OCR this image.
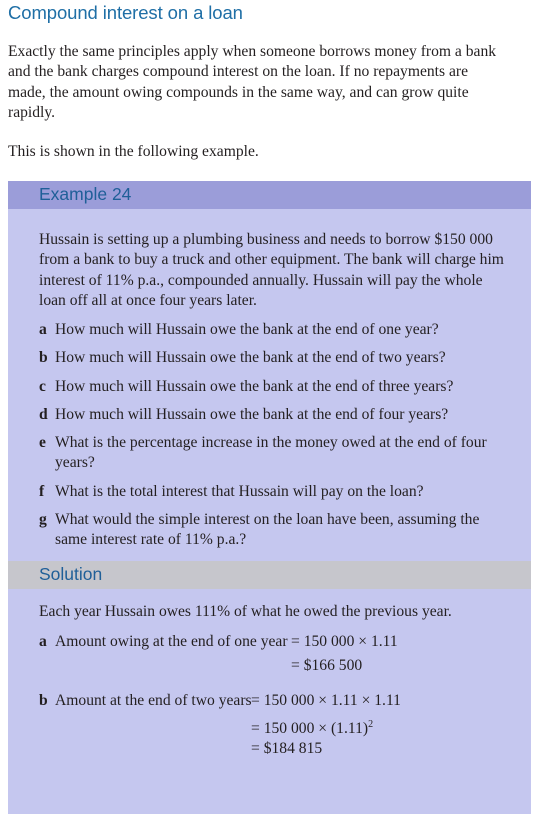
Compound interest on a loan

Exactly the same principles apply when someone borrows money from a bank and the bank charges compound interest on the loan. If no repayments are made, the amount owing compounds in the same way, and can grow quite rapidly.

This is shown in the following example.

Example 24

Hussain is setting up a plumbing business and needs to borrow $150 000 from a bank to buy a truck and other equipment. The bank will charge him interest of 11% p.a., compounded annually. Hussain will pay the whole loan off all at once four years later.

a How much will Hussain owe the bank at the end of one year?
b How much will Hussain owe the bank at the end of two years?
c How much will Hussain owe the bank at the end of three years?
d How much will Hussain owe the bank at the end of four years?
e What is the percentage increase in the money owed at the end of four years?
f What is the total interest that Hussain will pay on the loan?
g What would the simple interest on the loan have been, assuming the same interest rate of 11% p.a.?
Solution

Each year Hussain owes 111% of what he owed the previous year.

a Amount owing at the end of one year = 150 000 × 1.11
= $166 500
b Amount at the end of two years = 150 000 × 1.11 × 1.11
= 150 $000 \times (1.11)^2$
= $184 815
